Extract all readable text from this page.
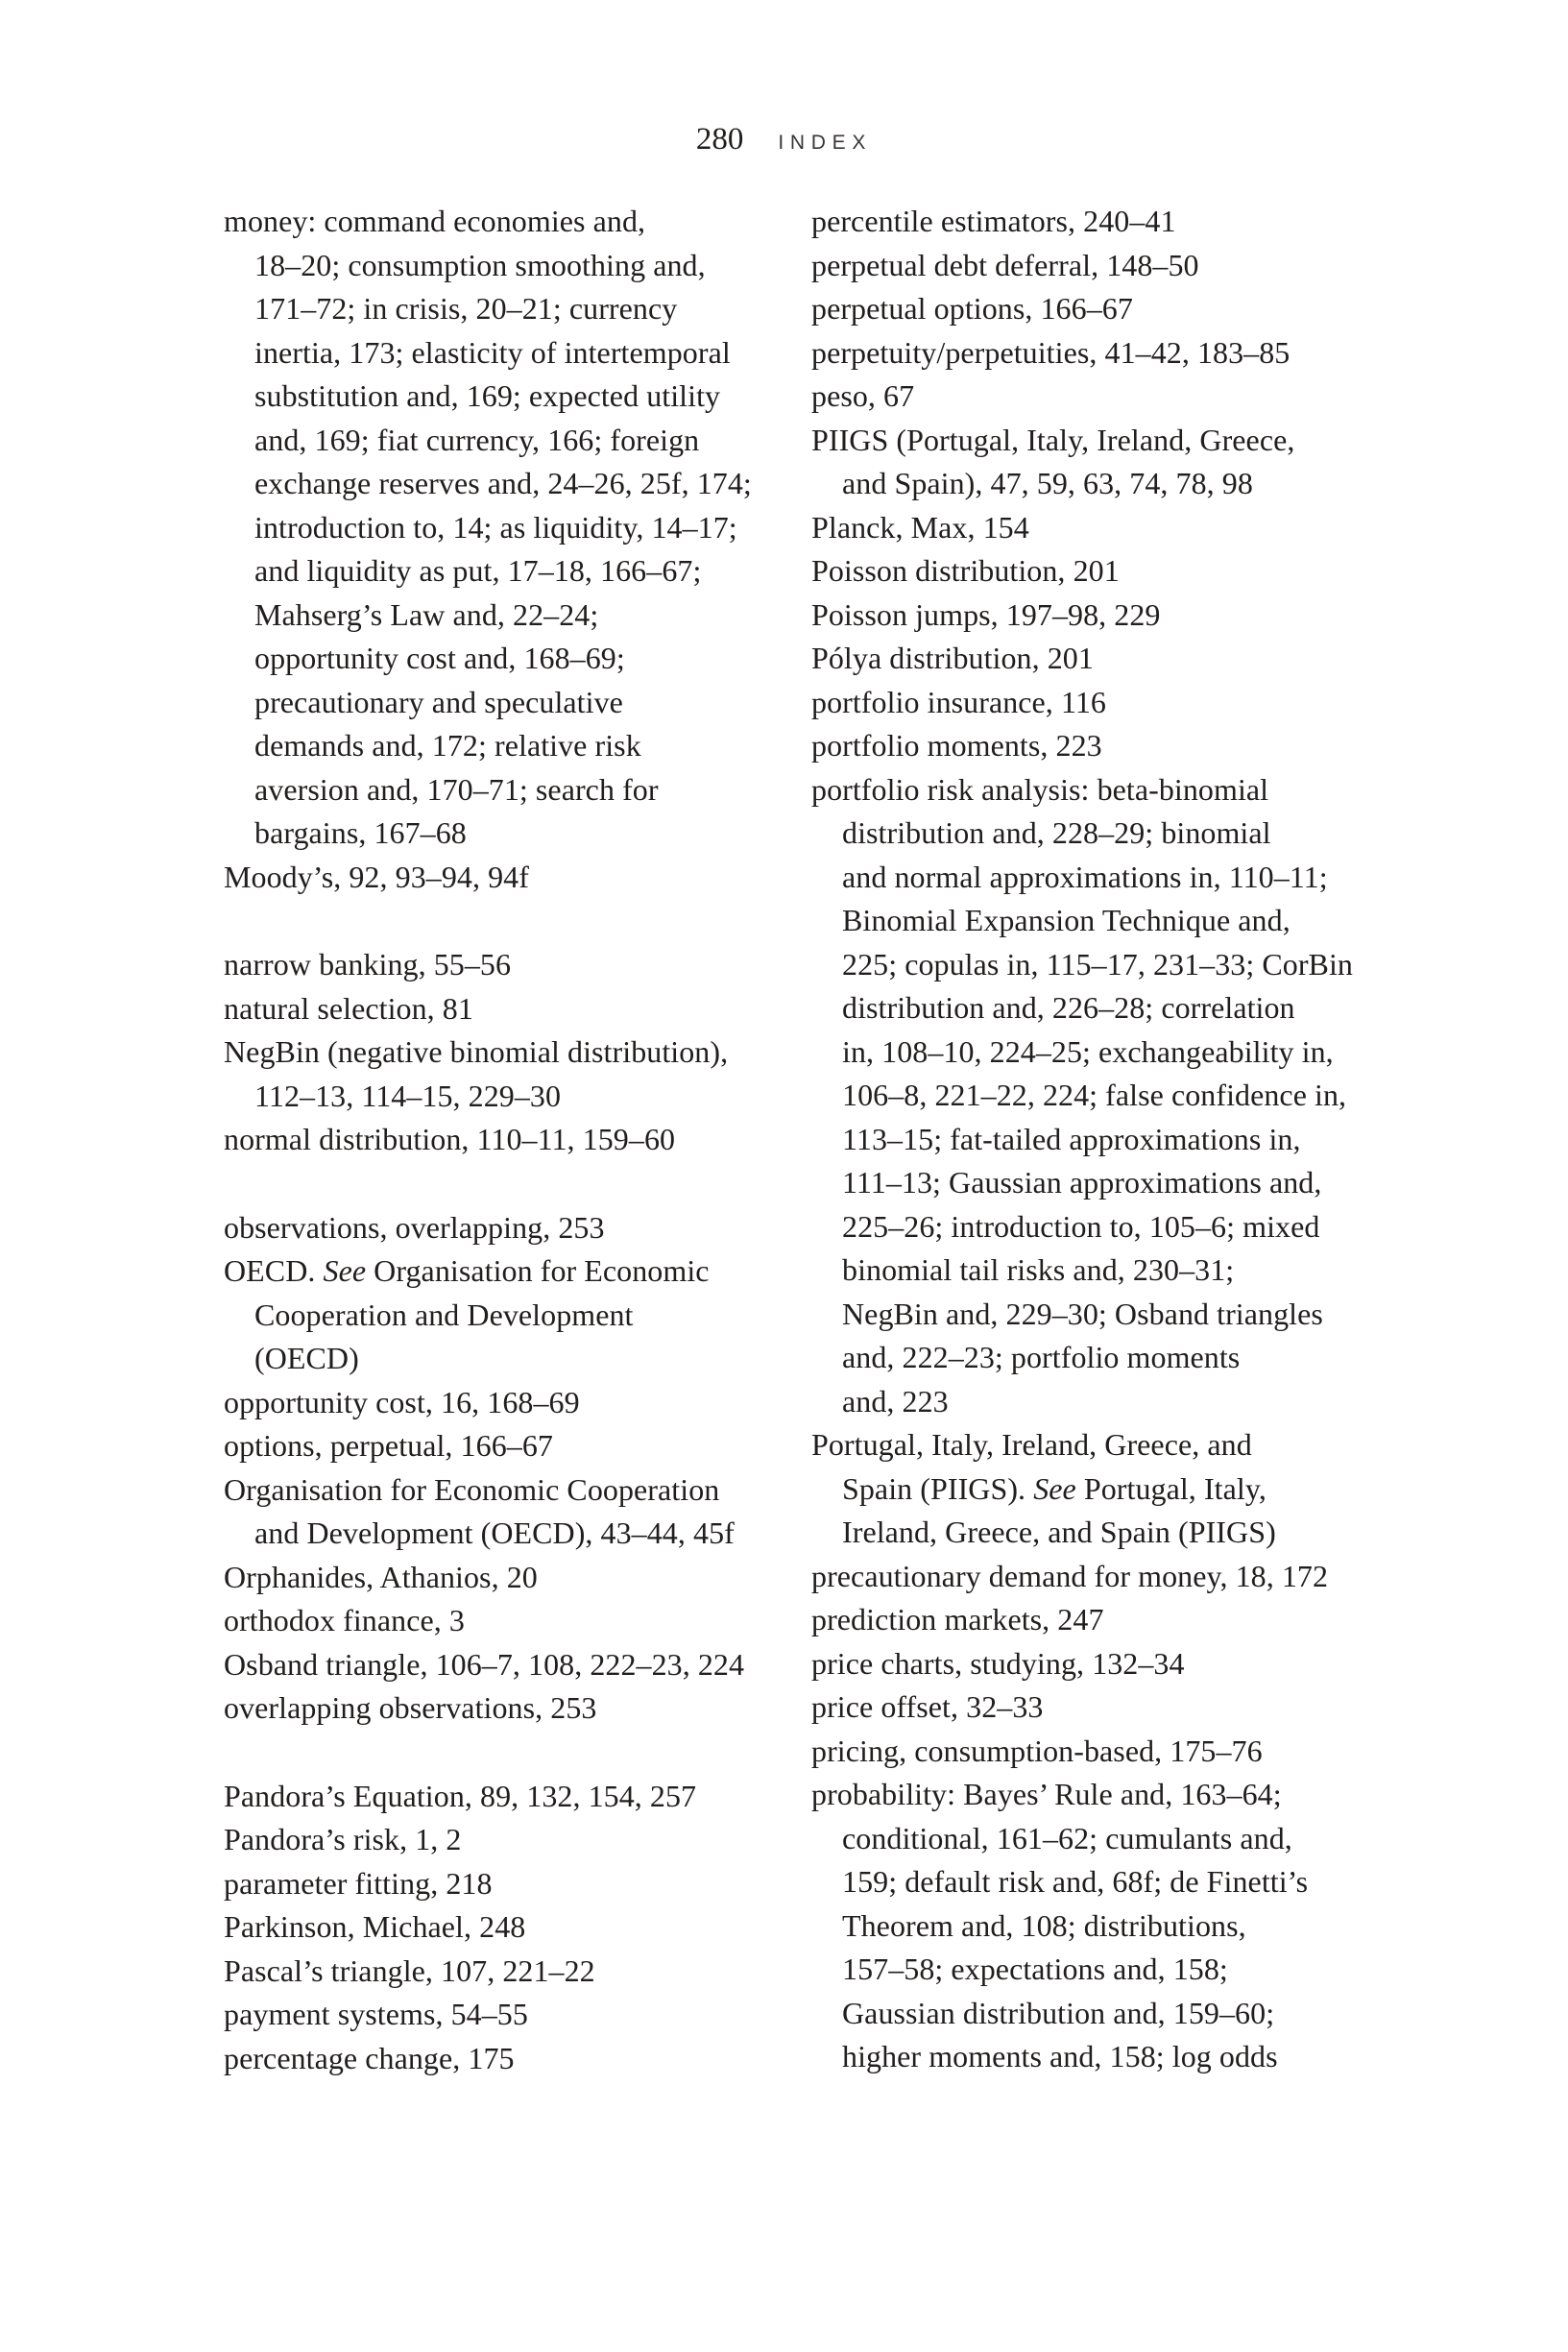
280 INDEX
money: command economies and,
18–20; consumption smoothing and,
171–72; in crisis, 20–21; currency
inertia, 173; elasticity of intertemporal
substitution and, 169; expected utility
and, 169; fiat currency, 166; foreign
exchange reserves and, 24–26, 25f, 174;
introduction to, 14; as liquidity, 14–17;
and liquidity as put, 17–18, 166–67;
Mahserg’s Law and, 22–24;
opportunity cost and, 168–69;
precautionary and speculative
demands and, 172; relative risk
aversion and, 170–71; search for
bargains, 167–68
Moody’s, 92, 93–94, 94f
narrow banking, 55–56
natural selection, 81
NegBin (negative binomial distribution),
112–13, 114–15, 229–30
normal distribution, 110–11, 159–60
observations, overlapping, 253
OECD. See Organisation for Economic
Cooperation and Development
(OECD)
opportunity cost, 16, 168–69
options, perpetual, 166–67
Organisation for Economic Cooperation
and Development (OECD), 43–44, 45f
Orphanides, Athanios, 20
orthodox finance, 3
Osband triangle, 106–7, 108, 222–23, 224
overlapping observations, 253
Pandora’s Equation, 89, 132, 154, 257
Pandora’s risk, 1, 2
parameter fitting, 218
Parkinson, Michael, 248
Pascal’s triangle, 107, 221–22
payment systems, 54–55
percentage change, 175
percentile estimators, 240–41
perpetual debt deferral, 148–50
perpetual options, 166–67
perpetuity/perpetuities, 41–42, 183–85
peso, 67
PIIGS (Portugal, Italy, Ireland, Greece,
and Spain), 47, 59, 63, 74, 78, 98
Planck, Max, 154
Poisson distribution, 201
Poisson jumps, 197–98, 229
Pólya distribution, 201
portfolio insurance, 116
portfolio moments, 223
portfolio risk analysis: beta-binomial
distribution and, 228–29; binomial
and normal approximations in, 110–11;
Binomial Expansion Technique and,
225; copulas in, 115–17, 231–33; CorBin
distribution and, 226–28; correlation
in, 108–10, 224–25; exchangeability in,
106–8, 221–22, 224; false confidence in,
113–15; fat-tailed approximations in,
111–13; Gaussian approximations and,
225–26; introduction to, 105–6; mixed
binomial tail risks and, 230–31;
NegBin and, 229–30; Osband triangles
and, 222–23; portfolio moments
and, 223
Portugal, Italy, Ireland, Greece, and
Spain (PIIGS). See Portugal, Italy,
Ireland, Greece, and Spain (PIIGS)
precautionary demand for money, 18, 172
prediction markets, 247
price charts, studying, 132–34
price offset, 32–33
pricing, consumption-based, 175–76
probability: Bayes’ Rule and, 163–64;
conditional, 161–62; cumulants and,
159; default risk and, 68f; de Finetti’s
Theorem and, 108; distributions,
157–58; expectations and, 158;
Gaussian distribution and, 159–60;
higher moments and, 158; log odds
